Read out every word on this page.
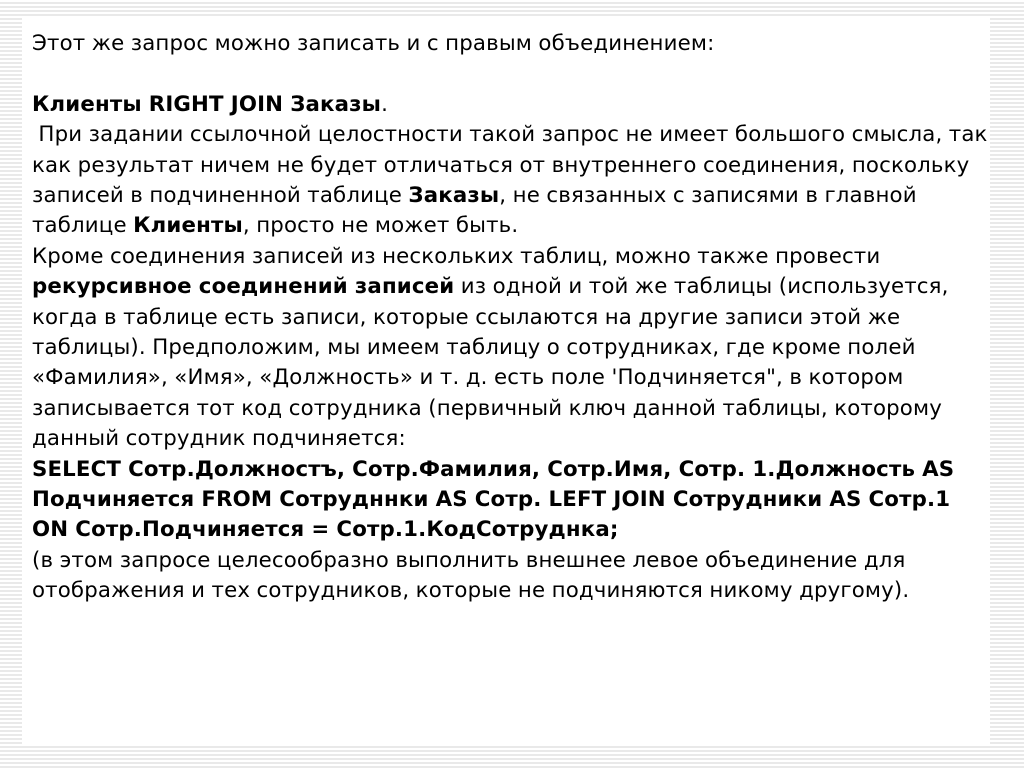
Этот же запрос можно записать и с правым объединением:

Клиенты RIGHT JOIN Заказы.

При задании ссылочной целостности такой запрос не имеет большого смысла, так как результат ничем не будет отличаться от внутреннего соединения, поскольку записей в подчиненной таблице Заказы, не связанных с записями в главной таблице Клиенты, просто не может быть.

Кроме соединения записей из нескольких таблиц, можно также провести рекурсивное соединений записей из одной и той же таблицы (используется, когда в таблице есть записи, которые ссылаются на другие записи этой же таблицы). Предположим, мы имеем таблицу о сотрудниках, где кроме полей «Фамилия», «Имя», «Должность» и т. д. есть поле 'Подчиняется", в котором записывается тот код сотрудника (первичный ключ данной таблицы, которому данный сотрудник подчиняется:

SELECT Сотр.Должностъ, Сотр.Фамилия, Сотр.Имя, Сотр. 1.Должность AS Подчиняется FROM Сотрудннки AS Сотр. LEFT JOIN Сотрудники AS Сотр.1 ON Сотр.Подчиняется = Сотр.1.КодСотруднка;

(в этом запросе целесообразно выполнить внешнее левое объединение для отображения и тех сотрудников, которые не подчиняются никому другому).
